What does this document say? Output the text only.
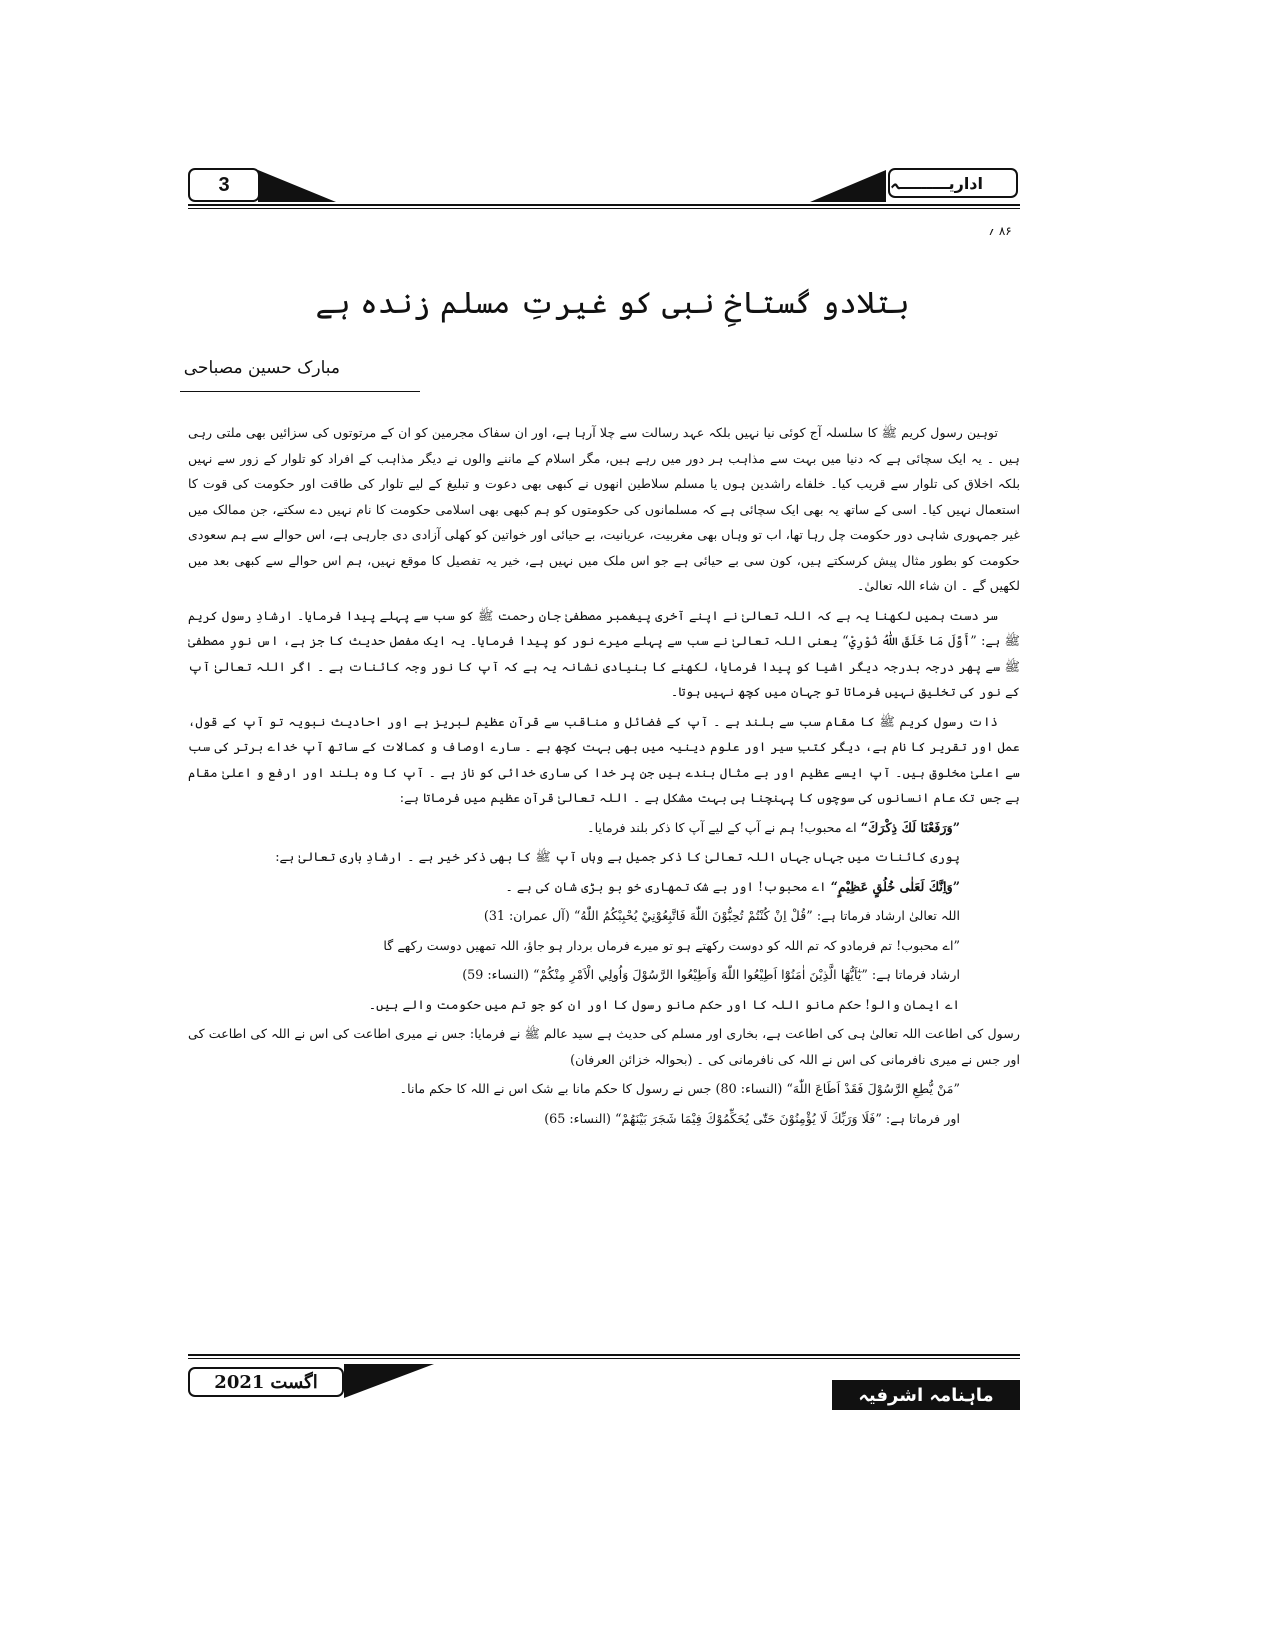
3	اداریـــــــــہ
۸۶ ؍
بتلادو گستاخِ نبی کو غیرتِ مسلم زندہ ہے
مبارک حسین مصباحی

توہین رسول کریم ﷺ کا سلسلہ آج کوئی نیا نہیں بلکہ عہد رسالت سے چلا آرہا ہے، اور ان سفاک مجرمین کو ان کے مرتوتوں کی سزائیں بھی ملتی رہی ہیں ۔ یہ ایک سچائی ہے کہ دنیا میں بہت سے مذاہب ہر دور میں رہے ہیں، مگر اسلام کے ماننے والوں نے دیگر مذاہب کے افراد کو تلوار کے زور سے نہیں بلکہ اخلاق کی تلوار سے قریب کیا۔ خلفاے راشدین ہوں یا مسلم سلاطین انھوں نے کبھی بھی دعوت و تبلیغ کے لیے تلوار کی طاقت اور حکومت کی قوت کا استعمال نہیں کیا۔ اسی کے ساتھ یہ بھی ایک سچائی ہے کہ مسلمانوں کی حکومتوں کو ہم کبھی بھی اسلامی حکومت کا نام نہیں دے سکتے، جن ممالک میں غیر جمہوری شاہی دور حکومت چل رہا تھا، اب تو وہاں بھی مغربیت، عریانیت، بے حیائی اور خواتین کو کھلی آزادی دی جارہی ہے، اس حوالے سے ہم سعودی حکومت کو بطور مثال پیش کرسکتے ہیں، کون سی بے حیائی ہے جو اس ملک میں نہیں ہے، خیر یہ تفصیل کا موقع نہیں، ہم اس حوالے سے کبھی بعد میں لکھیں گے ۔ ان شاء اللہ تعالیٰ۔

سر دست ہمیں لکھنا یہ ہے کہ اللہ تعالیٰ نے اپنے آخری پیغمبر مصطفیٰ جان رحمت ﷺ کو سب سے پہلے پیدا فرمایا۔ ارشادِ رسول کریم ﷺ ہے: ”أَوَّلَ مَا خَلَقَ اللّٰهُ نُوْرِيْ“ یعنی اللہ تعالیٰ نے سب سے پہلے میرے نور کو پیدا فرمایا۔ یہ ایک مفصل حدیث کا جز ہے، اس نورِ مصطفیٰ ﷺ سے پھر درجہ بدرجہ دیگر اشیا کو پیدا فرمایا، لکھنے کا بنیادی نشانہ یہ ہے کہ آپ کا نور وجہ کائنات ہے ۔ اگر اللہ تعالیٰ آپ کے نور کی تخلیق نہیں فرماتا تو جہان میں کچھ نہیں ہوتا۔

ذات رسول کریم ﷺ کا مقام سب سے بلند ہے ۔ آپ کے فضائل و مناقب سے قرآن عظیم لبریز ہے اور احادیث نبویہ تو آپ کے قول، عمل اور تقریر کا نام ہے، دیگر کتبِ سیر اور علوم دینیہ میں بھی بہت کچھ ہے ۔ سارے اوصاف و کمالات کے ساتھ آپ خداے برتر کی سب سے اعلیٰ مخلوق ہیں۔ آپ ایسے عظیم اور بے مثال بندے ہیں جن پر خدا کی ساری خدائی کو ناز ہے ۔ آپ کا وہ بلند اور ارفع و اعلیٰ مقام ہے جس تک عام انسانوں کی سوچوں کا پہنچنا ہی بہت مشکل ہے ۔ اللہ تعالیٰ قرآن عظیم میں فرماتا ہے:

”وَرَفَعْنَا لَكَ ذِكْرَكَ“ اے محبوب! ہم نے آپ کے لیے آپ کا ذکر بلند فرمایا۔

پوری کائنات میں جہاں جہاں اللہ تعالیٰ کا ذکر جمیل ہے وہاں آپ ﷺ کا بھی ذکر خیر ہے ۔ ارشادِ باری تعالیٰ ہے:

”وَاِنَّكَ لَعَلٰى خُلُقٍ عَظِيْمٍ“ اے محبوب! اور بے شک تمھاری خو بو بڑی شان کی ہے ۔

اللہ تعالیٰ ارشاد فرماتا ہے: ”قُلْ اِنْ كُنْتُمْ تُحِبُّوْنَ اللّٰهَ فَاتَّبِعُوْنِيْ يُحْبِبْكُمُ اللّٰهُ“ (آل عمران: 31)

”اے محبوب! تم فرمادو کہ تم اللہ کو دوست رکھتے ہو تو میرے فرماں بردار ہو جاؤ، اللہ تمھیں دوست رکھے گا

ارشاد فرماتا ہے: ”يٰٓاَيُّهَا الَّذِيْنَ اٰمَنُوْٓا اَطِيْعُوا اللّٰهَ وَاَطِيْعُوا الرَّسُوْلَ وَاُولِي الْاَمْرِ مِنْكُمْ“ (النساء: 59)

اے ایمان والو! حکم مانو اللہ کا اور حکم مانو رسول کا اور ان کو جو تم میں حکومت والے ہیں۔

رسول کی اطاعت اللہ تعالیٰ ہی کی اطاعت ہے، بخاری اور مسلم کی حدیث ہے سید عالم ﷺ نے فرمایا: جس نے میری اطاعت کی اس نے اللہ کی اطاعت کی اور جس نے میری نافرمانی کی اس نے اللہ کی نافرمانی کی ۔ (بحوالہ خزائن العرفان)

”مَنْ يُّطِعِ الرَّسُوْلَ فَقَدْ اَطَاعَ اللّٰهَ“ (النساء: 80) جس نے رسول کا حکم مانا بے شک اس نے اللہ کا حکم مانا۔

اور فرماتا ہے: ”فَلَا وَرَبِّكَ لَا يُؤْمِنُوْنَ حَتّٰى يُحَكِّمُوْكَ فِيْمَا شَجَرَ بَيْنَهُمْ“ (النساء: 65)

اگست
2021
ماہنامہ اشرفیہ
